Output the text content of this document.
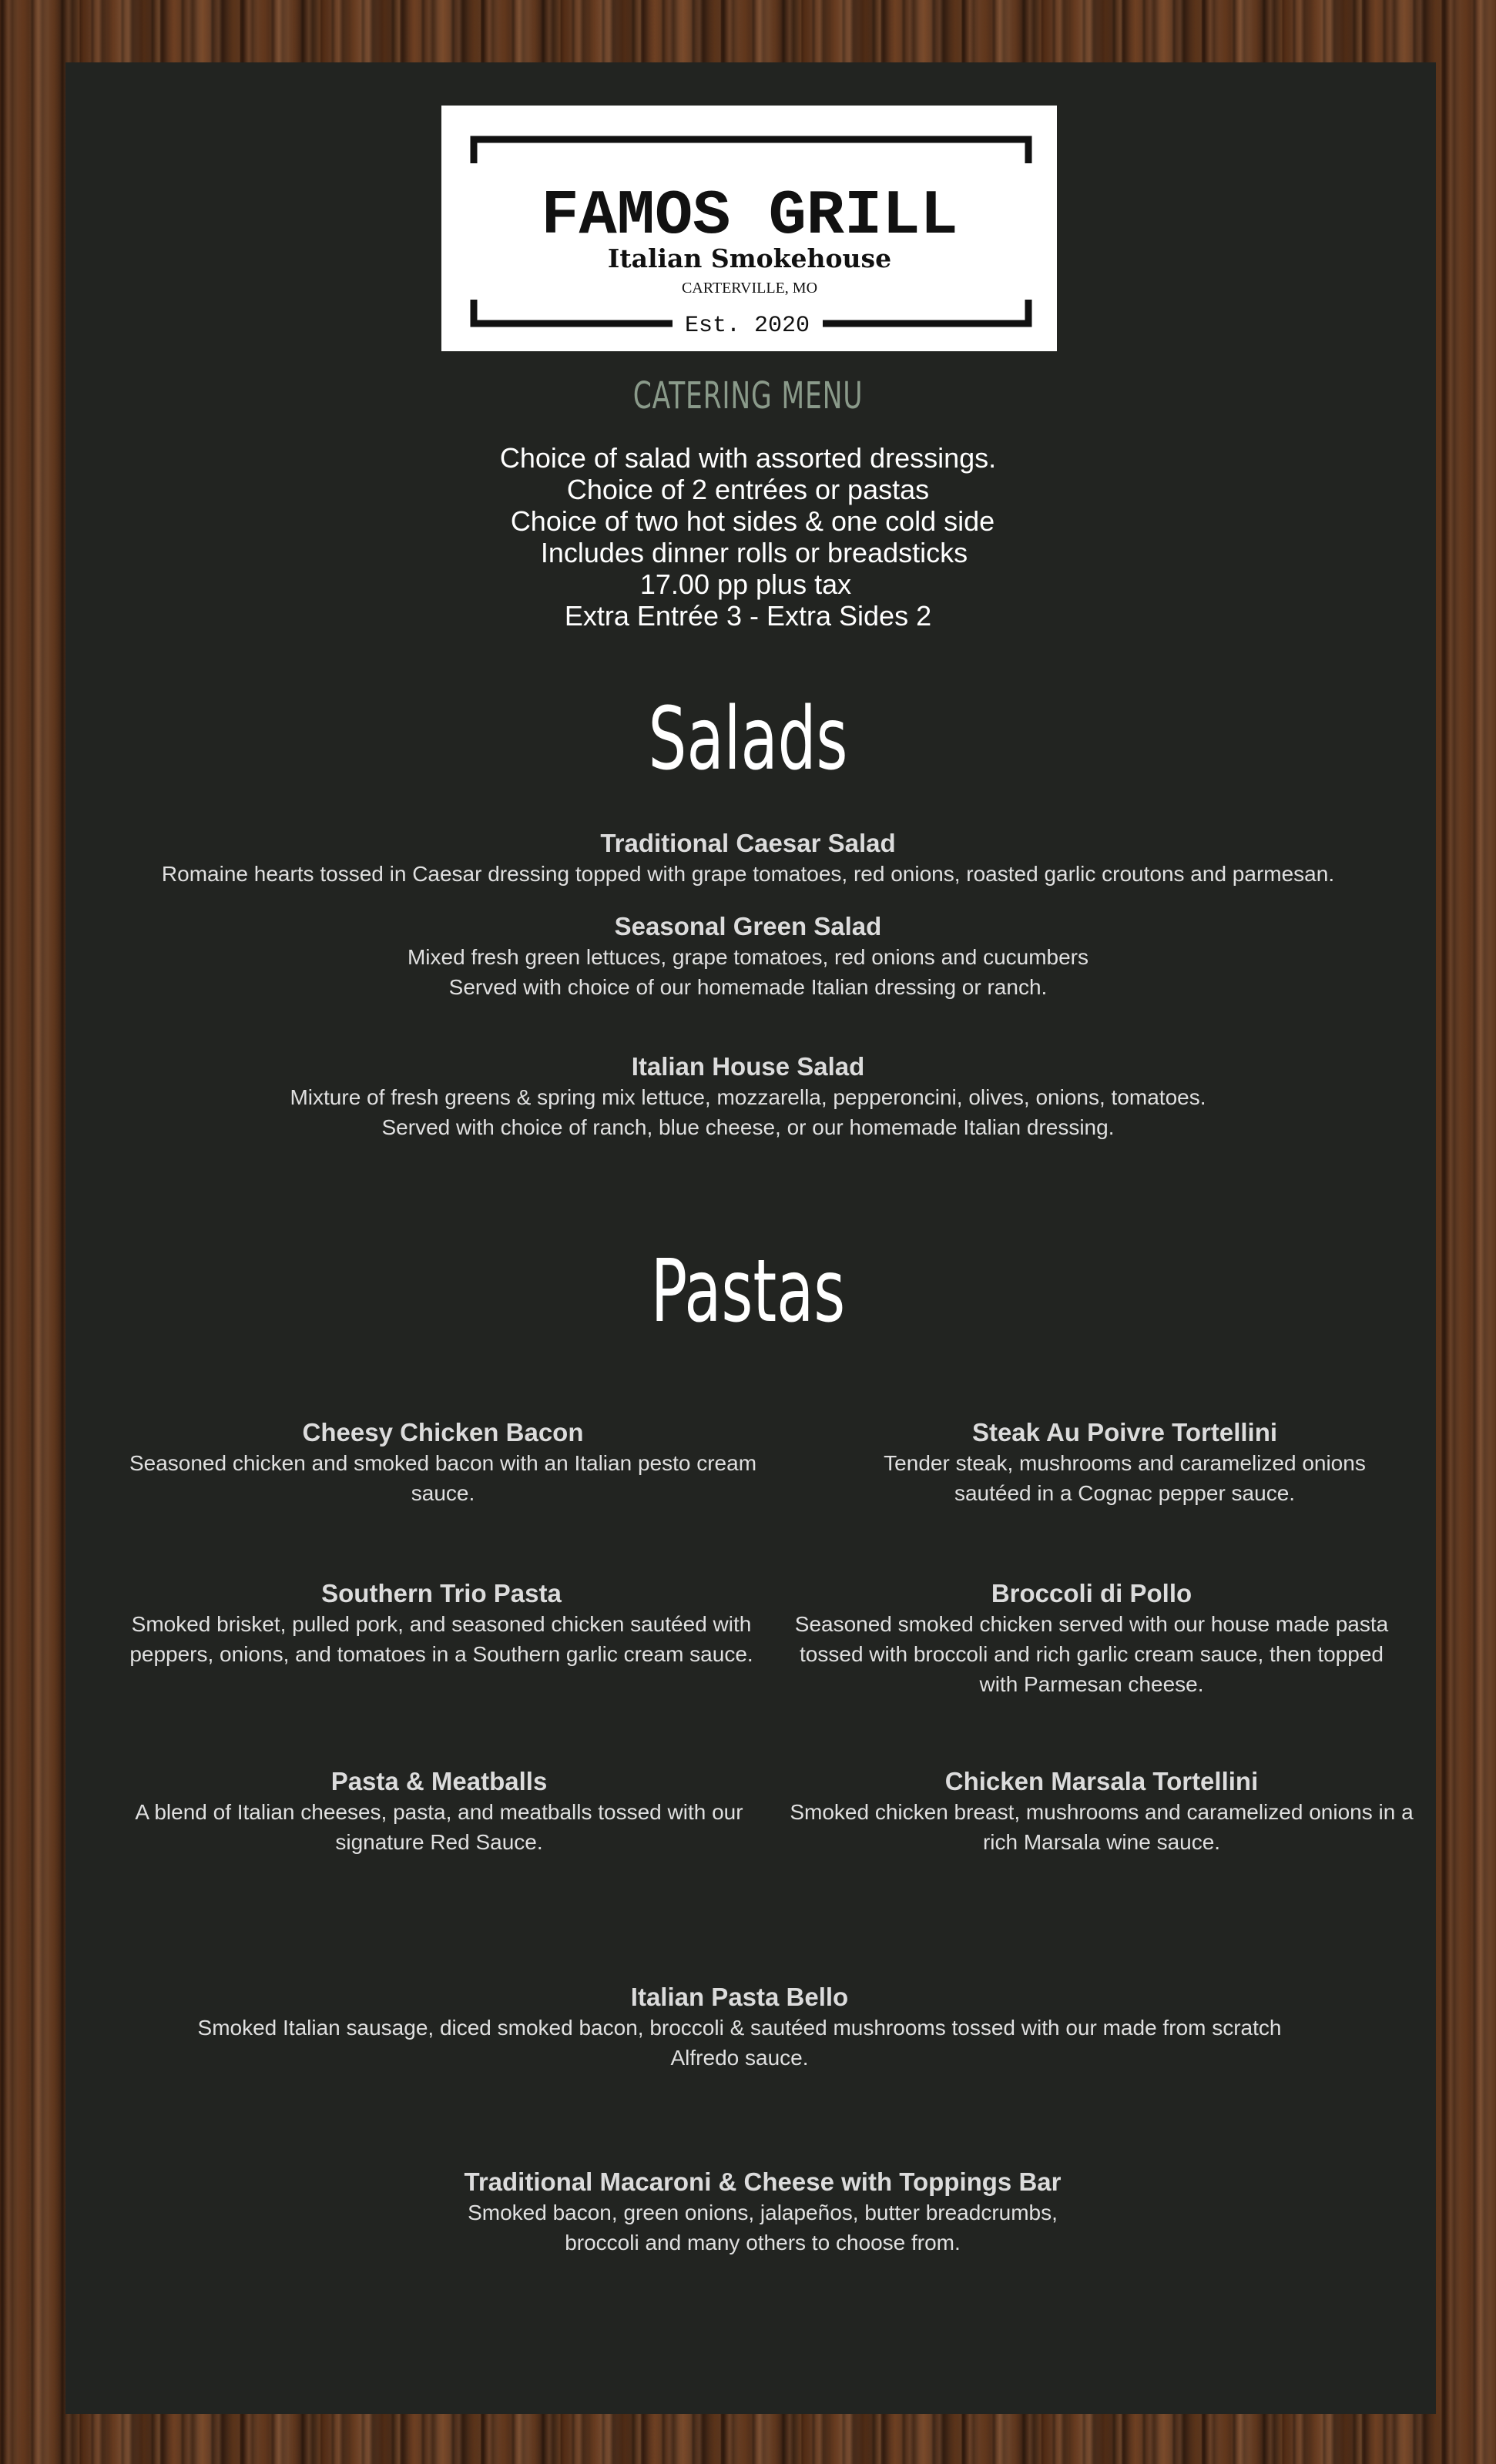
FAMOS GRILL
Italian Smokehouse
CARTERVILLE, MO
Est. 2020
CATERING MENU
Choice of salad with assorted dressings.
Choice of 2 entrées or pastas
Choice of two hot sides & one cold side
Includes dinner rolls or breadsticks
17.00 pp plus tax
Extra Entrée 3 - Extra Sides 2
Salads
Traditional Caesar Salad
Romaine hearts tossed in Caesar dressing topped with grape tomatoes, red onions, roasted garlic croutons and parmesan.
Seasonal Green Salad
Mixed fresh green lettuces, grape tomatoes, red onions and cucumbers
Served with choice of our homemade Italian dressing or ranch.
Italian House Salad
Mixture of fresh greens & spring mix lettuce, mozzarella, pepperoncini, olives, onions, tomatoes.
Served with choice of ranch, blue cheese, or our homemade Italian dressing.
Pastas
Cheesy Chicken Bacon
Seasoned chicken and smoked bacon with an Italian pesto cream
sauce.
Steak Au Poivre Tortellini
Tender steak, mushrooms and caramelized onions
sautéed in a Cognac pepper sauce.
Southern Trio Pasta
Smoked brisket, pulled pork, and seasoned chicken sautéed with
peppers, onions, and tomatoes in a Southern garlic cream sauce.
Broccoli di Pollo
Seasoned smoked chicken served with our house made pasta
tossed with broccoli and rich garlic cream sauce, then topped
with Parmesan cheese.
Pasta & Meatballs
A blend of Italian cheeses, pasta, and meatballs tossed with our
signature Red Sauce.
Chicken Marsala Tortellini
Smoked chicken breast, mushrooms and caramelized onions in a
rich Marsala wine sauce.
Italian Pasta Bello
Smoked Italian sausage, diced smoked bacon, broccoli & sautéed mushrooms tossed with our made from scratch
Alfredo sauce.
Traditional Macaroni & Cheese with Toppings Bar
Smoked bacon, green onions, jalapeños, butter breadcrumbs,
broccoli and many others to choose from.
